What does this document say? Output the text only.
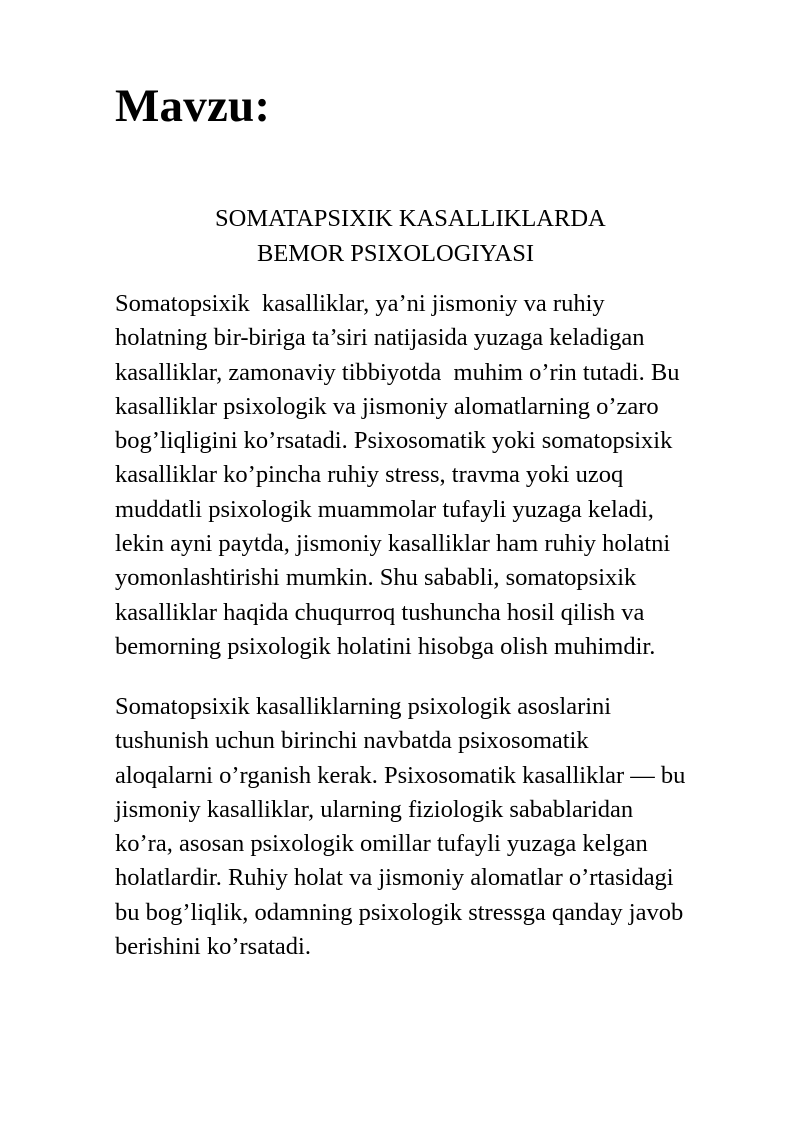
Mavzu:
SOMATAPSIXIK KASALLIKLARDA
BEMOR PSIXOLOGIYASI

Somatopsixik  kasalliklar, ya’ni jismoniy va ruhiy
holatning bir-biriga ta’siri natijasida yuzaga keladigan
kasalliklar, zamonaviy tibbiyotda  muhim o’rin tutadi. Bu
kasalliklar psixologik va jismoniy alomatlarning o’zaro
bog’liqligini ko’rsatadi. Psixosomatik yoki somatopsixik
kasalliklar ko’pincha ruhiy stress, travma yoki uzoq
muddatli psixologik muammolar tufayli yuzaga keladi,
lekin ayni paytda, jismoniy kasalliklar ham ruhiy holatni
yomonlashtirishi mumkin. Shu sababli, somatopsixik
kasalliklar haqida chuqurroq tushuncha hosil qilish va
bemorning psixologik holatini hisobga olish muhimdir.

Somatopsixik kasalliklarning psixologik asoslarini
tushunish uchun birinchi navbatda psixosomatik
aloqalarni o’rganish kerak. Psixosomatik kasalliklar — bu
jismoniy kasalliklar, ularning fiziologik sabablaridan
ko’ra, asosan psixologik omillar tufayli yuzaga kelgan
holatlardir. Ruhiy holat va jismoniy alomatlar o’rtasidagi
bu bog’liqlik, odamning psixologik stressga qanday javob
berishini ko’rsatadi.
